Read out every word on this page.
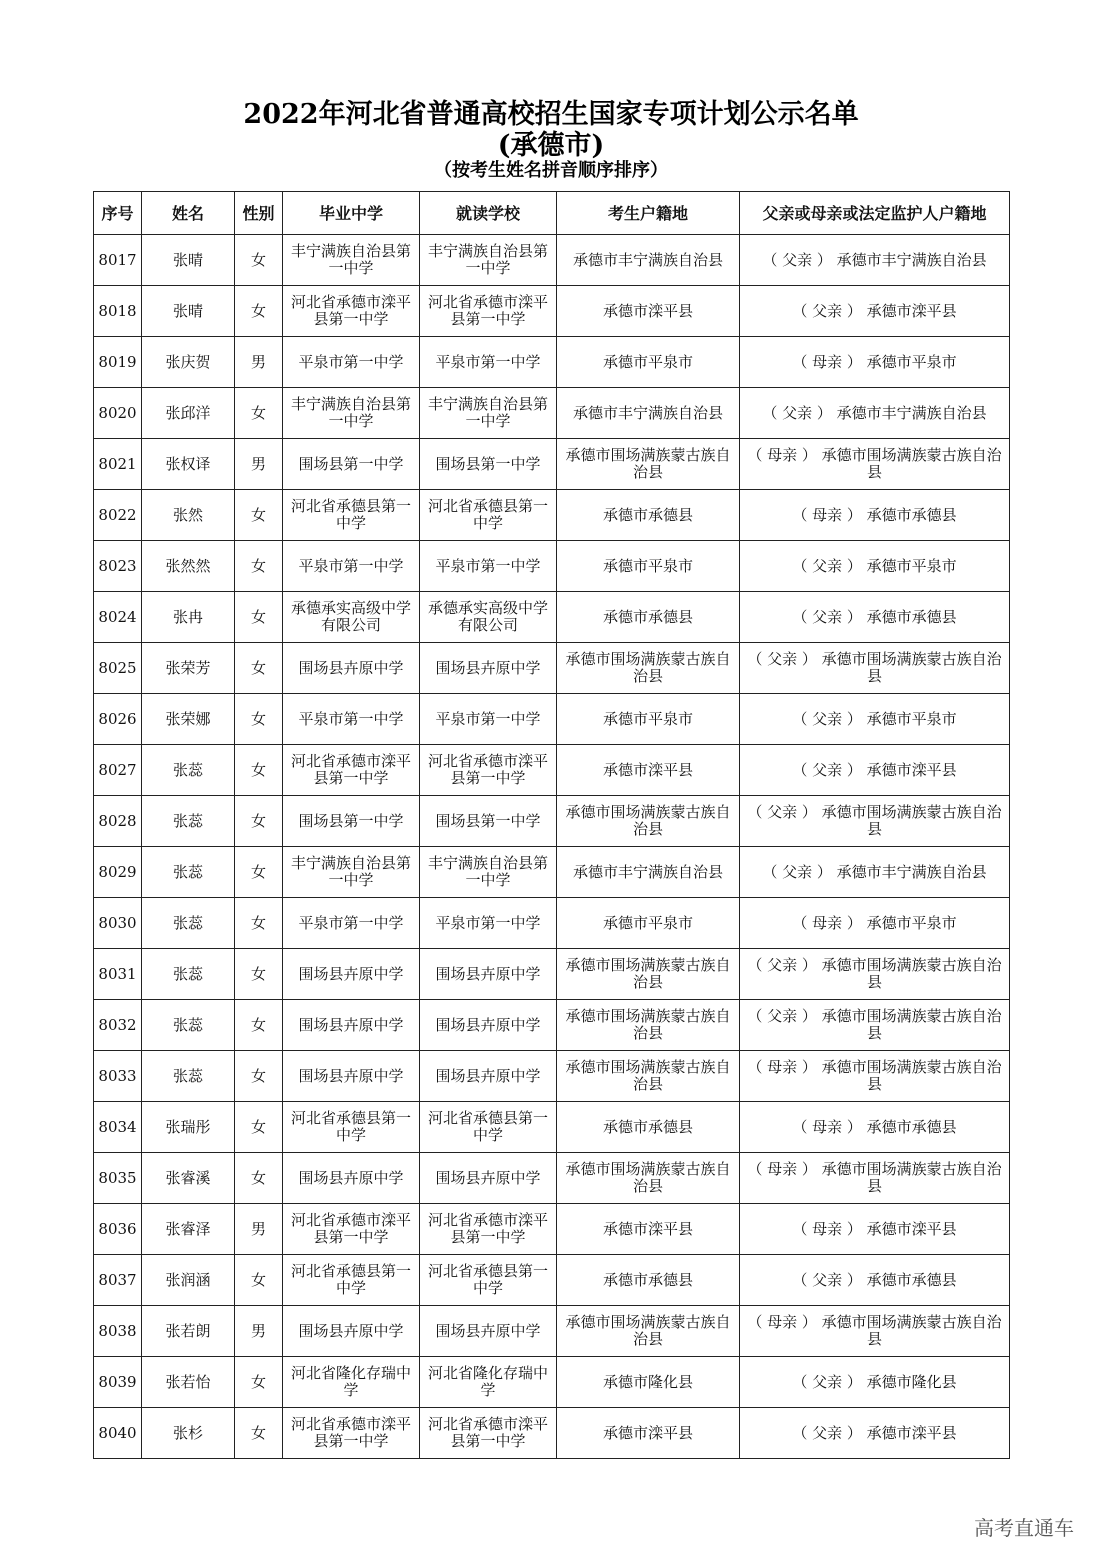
2022年河北省普通高校招生国家专项计划公示名单
(承德市)
（按考生姓名拼音顺序排序）
序号	姓名	性别	毕业中学	就读学校	考生户籍地	父亲或母亲或法定监护人户籍地
8017	张晴	女	丰宁满族自治县第一中学	丰宁满族自治县第一中学	承德市丰宁满族自治县	（ 父亲 ） 承德市丰宁满族自治县
8018	张晴	女	河北省承德市滦平县第一中学	河北省承德市滦平县第一中学	承德市滦平县	（ 父亲 ） 承德市滦平县
8019	张庆贺	男	平泉市第一中学	平泉市第一中学	承德市平泉市	（ 母亲 ） 承德市平泉市
8020	张邱洋	女	丰宁满族自治县第一中学	丰宁满族自治县第一中学	承德市丰宁满族自治县	（ 父亲 ） 承德市丰宁满族自治县
8021	张权译	男	围场县第一中学	围场县第一中学	承德市围场满族蒙古族自治县	（ 母亲 ） 承德市围场满族蒙古族自治县
8022	张然	女	河北省承德县第一中学	河北省承德县第一中学	承德市承德县	（ 母亲 ） 承德市承德县
8023	张然然	女	平泉市第一中学	平泉市第一中学	承德市平泉市	（ 父亲 ） 承德市平泉市
8024	张冉	女	承德承实高级中学有限公司	承德承实高级中学有限公司	承德市承德县	（ 父亲 ） 承德市承德县
8025	张荣芳	女	围场县卉原中学	围场县卉原中学	承德市围场满族蒙古族自治县	（ 父亲 ） 承德市围场满族蒙古族自治县
8026	张荣娜	女	平泉市第一中学	平泉市第一中学	承德市平泉市	（ 父亲 ） 承德市平泉市
8027	张蕊	女	河北省承德市滦平县第一中学	河北省承德市滦平县第一中学	承德市滦平县	（ 父亲 ） 承德市滦平县
8028	张蕊	女	围场县第一中学	围场县第一中学	承德市围场满族蒙古族自治县	（ 父亲 ） 承德市围场满族蒙古族自治县
8029	张蕊	女	丰宁满族自治县第一中学	丰宁满族自治县第一中学	承德市丰宁满族自治县	（ 父亲 ） 承德市丰宁满族自治县
8030	张蕊	女	平泉市第一中学	平泉市第一中学	承德市平泉市	（ 母亲 ） 承德市平泉市
8031	张蕊	女	围场县卉原中学	围场县卉原中学	承德市围场满族蒙古族自治县	（ 父亲 ） 承德市围场满族蒙古族自治县
8032	张蕊	女	围场县卉原中学	围场县卉原中学	承德市围场满族蒙古族自治县	（ 父亲 ） 承德市围场满族蒙古族自治县
8033	张蕊	女	围场县卉原中学	围场县卉原中学	承德市围场满族蒙古族自治县	（ 母亲 ） 承德市围场满族蒙古族自治县
8034	张瑞彤	女	河北省承德县第一中学	河北省承德县第一中学	承德市承德县	（ 母亲 ） 承德市承德县
8035	张睿溪	女	围场县卉原中学	围场县卉原中学	承德市围场满族蒙古族自治县	（ 母亲 ） 承德市围场满族蒙古族自治县
8036	张睿泽	男	河北省承德市滦平县第一中学	河北省承德市滦平县第一中学	承德市滦平县	（ 母亲 ） 承德市滦平县
8037	张润涵	女	河北省承德县第一中学	河北省承德县第一中学	承德市承德县	（ 父亲 ） 承德市承德县
8038	张若朗	男	围场县卉原中学	围场县卉原中学	承德市围场满族蒙古族自治县	（ 母亲 ） 承德市围场满族蒙古族自治县
8039	张若怡	女	河北省隆化存瑞中学	河北省隆化存瑞中学	承德市隆化县	（ 父亲 ） 承德市隆化县
8040	张杉	女	河北省承德市滦平县第一中学	河北省承德市滦平县第一中学	承德市滦平县	（ 父亲 ） 承德市滦平县
高考直通车
